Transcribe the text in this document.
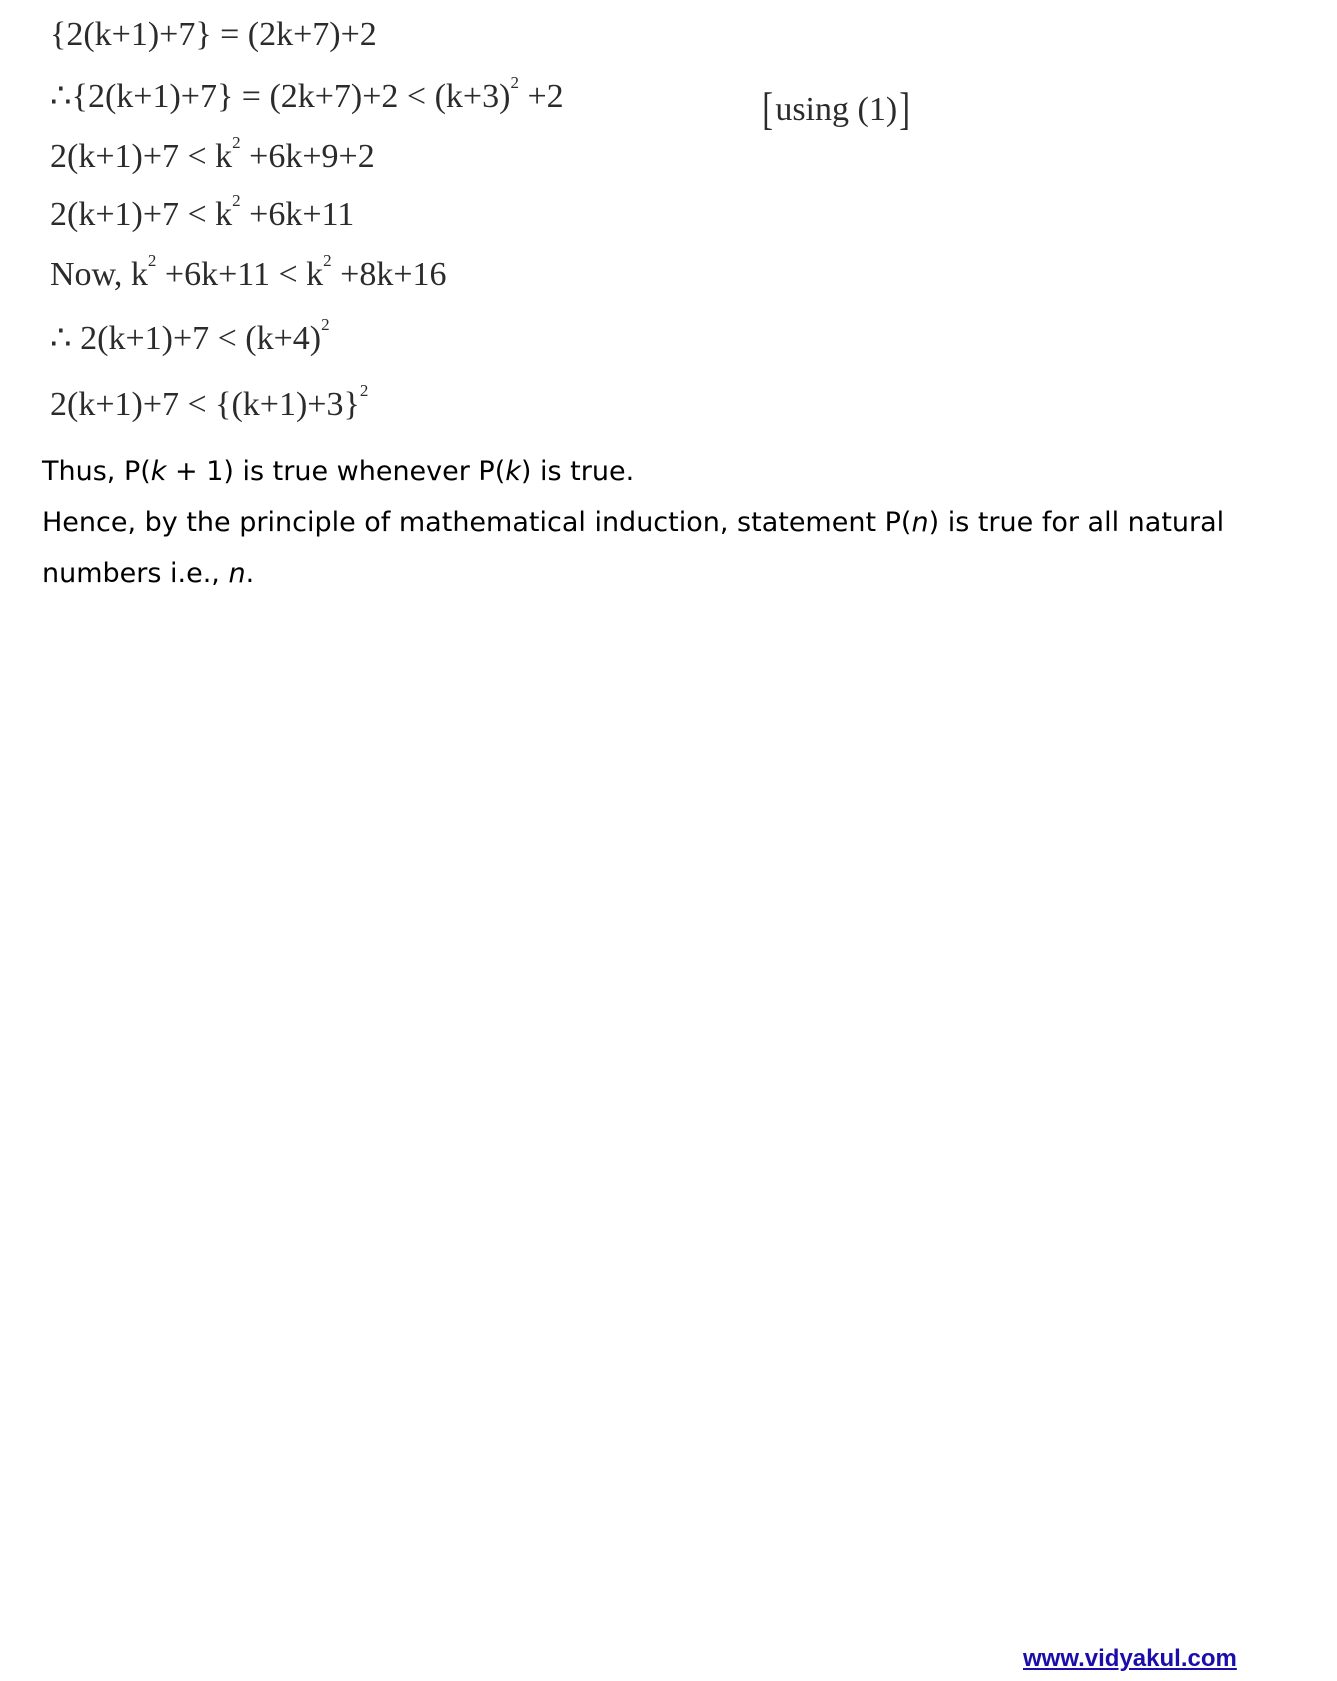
{2(k+1)+7} = (2k+7)+2
∴{2(k+1)+7} = $(2k+7)+2 < (k+3)^2 +2$	[using (1)]
$2(k+1)+7 < k^2 +6k+9+2$
$2(k+1)+7 < k^2 +6k+11$
Now, $k^2 +6k+11 < k^2 +8k+16$
∴ $2(k+1)+7 < (k+4)^2$
$2(k+1)+7 < \{(k+1)+3\}^2$
Thus, P(k + 1) is true whenever P(k) is true.
Hence, by the principle of mathematical induction, statement P(n) is true for all natural
numbers i.e., n.
www.vidyakul.com
